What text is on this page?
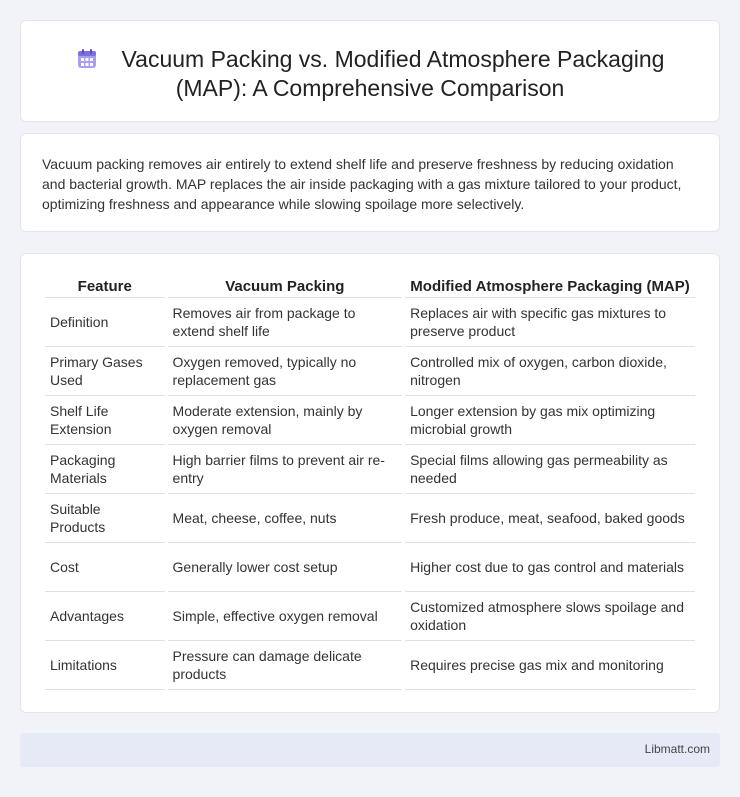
Vacuum Packing vs. Modified Atmosphere Packaging (MAP): A Comprehensive Comparison

Vacuum packing removes air entirely to extend shelf life and preserve freshness by reducing oxidation and bacterial growth. MAP replaces the air inside packaging with a gas mixture tailored to your product, optimizing freshness and appearance while slowing spoilage more selectively.

Feature	Vacuum Packing	Modified Atmosphere Packaging (MAP)
Definition	Removes air from package to extend shelf life	Replaces air with specific gas mixtures to preserve product
Primary Gases Used	Oxygen removed, typically no replacement gas	Controlled mix of oxygen, carbon dioxide, nitrogen
Shelf Life Extension	Moderate extension, mainly by oxygen removal	Longer extension by gas mix optimizing microbial growth
Packaging Materials	High barrier films to prevent air re-entry	Special films allowing gas permeability as needed
Suitable Products	Meat, cheese, coffee, nuts	Fresh produce, meat, seafood, baked goods
Cost	Generally lower cost setup	Higher cost due to gas control and materials
Advantages	Simple, effective oxygen removal	Customized atmosphere slows spoilage and oxidation
Limitations	Pressure can damage delicate products	Requires precise gas mix and monitoring
Libmatt.com
